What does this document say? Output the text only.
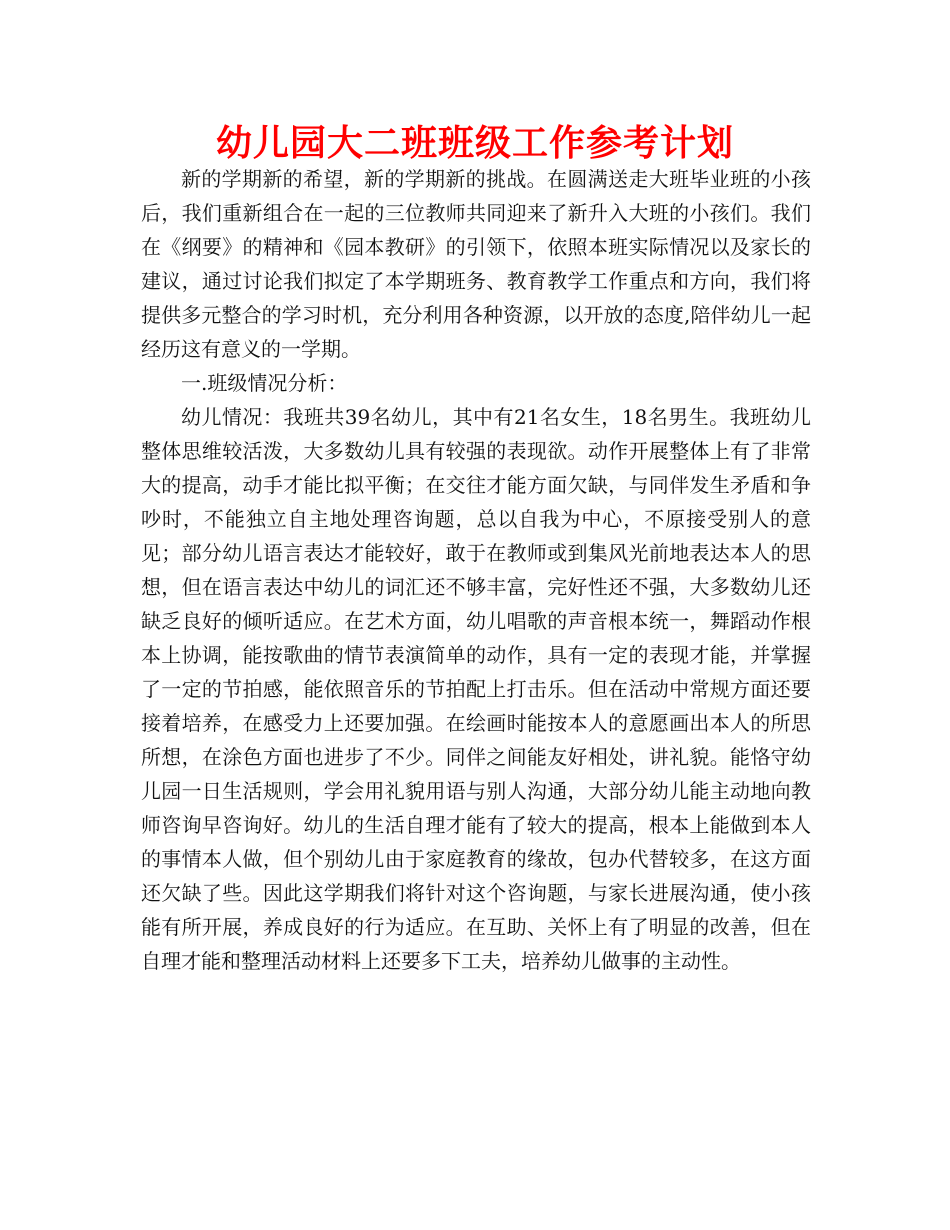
幼儿园大二班班级工作参考计划

新的学期新的希望，新的学期新的挑战。在圆满送走大班毕业班的小孩后，我们重新组合在一起的三位教师共同迎来了新升入大班的小孩们。我们在《纲要》的精神和《园本教研》的引领下，依照本班实际情况以及家长的建议，通过讨论我们拟定了本学期班务、教育教学工作重点和方向，我们将提供多元整合的学习时机，充分利用各种资源，以开放的态度,陪伴幼儿一起经历这有意义的一学期。

一.班级情况分析：

幼儿情况：我班共39名幼儿，其中有21名女生，18名男生。我班幼儿整体思维较活泼，大多数幼儿具有较强的表现欲。动作开展整体上有了非常大的提高，动手才能比拟平衡；在交往才能方面欠缺，与同伴发生矛盾和争吵时，不能独立自主地处理咨询题，总以自我为中心，不原接受别人的意见；部分幼儿语言表达才能较好，敢于在教师或到集风光前地表达本人的思想，但在语言表达中幼儿的词汇还不够丰富，完好性还不强，大多数幼儿还缺乏良好的倾听适应。在艺术方面，幼儿唱歌的声音根本统一，舞蹈动作根本上协调，能按歌曲的情节表演简单的动作，具有一定的表现才能，并掌握了一定的节拍感，能依照音乐的节拍配上打击乐。但在活动中常规方面还要接着培养，在感受力上还要加强。在绘画时能按本人的意愿画出本人的所思所想，在涂色方面也进步了不少。同伴之间能友好相处，讲礼貌。能恪守幼儿园一日生活规则，学会用礼貌用语与别人沟通，大部分幼儿能主动地向教师咨询早咨询好。幼儿的生活自理才能有了较大的提高，根本上能做到本人的事情本人做，但个别幼儿由于家庭教育的缘故，包办代替较多，在这方面还欠缺了些。因此这学期我们将针对这个咨询题，与家长进展沟通，使小孩能有所开展，养成良好的行为适应。在互助、关怀上有了明显的改善，但在自理才能和整理活动材料上还要多下工夫，培养幼儿做事的主动性。
